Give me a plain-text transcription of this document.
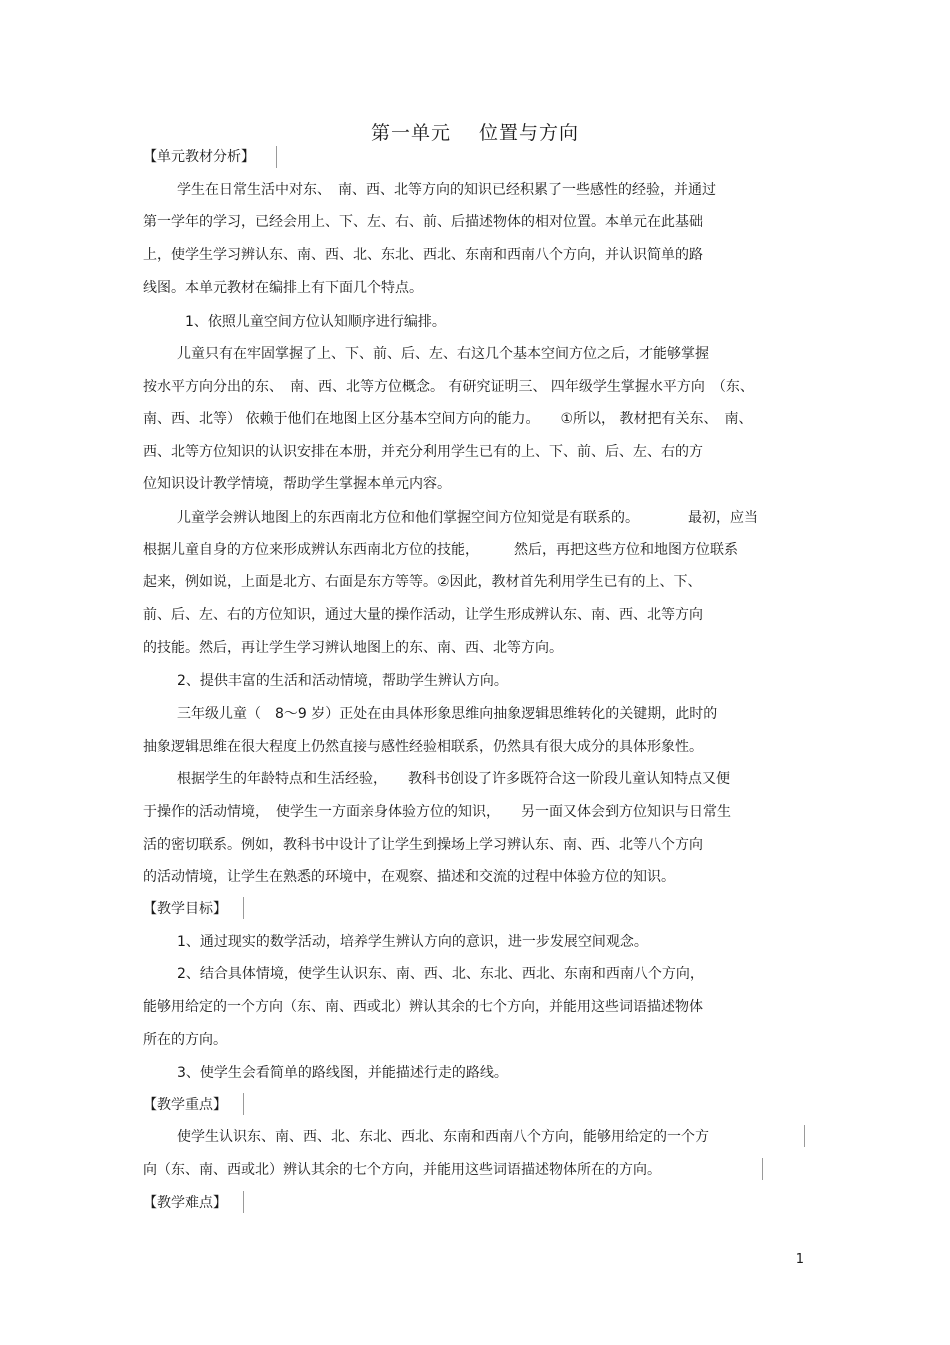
第一单元 位置与方向
【单元教材分析】
学生在日常生活中对东、　南、西、北等方向的知识已经积累了一些感性的经验，并通过
第一学年的学习，已经会用上、下、左、右、前、后描述物体的相对位置。本单元在此基础
上，使学生学习辨认东、南、西、北、东北、西北、东南和西南八个方向，并认识简单的路
线图。本单元教材在编排上有下面几个特点。
1、依照儿童空间方位认知顺序进行编排。
儿童只有在牢固掌握了上、下、前、后、左、右这几个基本空间方位之后，才能够掌握
按水平方向分出的东、　南、西、北等方位概念。 有研究证明三、 四年级学生掌握水平方向　（东、
南、西、北等） 依赖于他们在地图上区分基本空间方向的能力。　　①所以， 教材把有关东、　南、
西、北等方位知识的认识安排在本册，并充分利用学生已有的上、下、前、后、左、右的方
位知识设计教学情境，帮助学生掌握本单元内容。
儿童学会辨认地图上的东西南北方位和他们掌握空间方位知觉是有联系的。　　　　最初，应当
根据儿童自身的方位来形成辨认东西南北方位的技能，　　　然后，再把这些方位和地图方位联系
起来，例如说，上面是北方、右面是东方等等。②因此，教材首先利用学生已有的上、下、
前、后、左、右的方位知识，通过大量的操作活动，让学生形成辨认东、南、西、北等方向
的技能。然后，再让学生学习辨认地图上的东、南、西、北等方向。
2、提供丰富的生活和活动情境，帮助学生辨认方向。
三年级儿童（　8～9 岁）正处在由具体形象思维向抽象逻辑思维转化的关键期，此时的
抽象逻辑思维在很大程度上仍然直接与感性经验相联系，仍然具有很大成分的具体形象性。
根据学生的年龄特点和生活经验，　　教科书创设了许多既符合这一阶段儿童认知特点又便
于操作的活动情境，　使学生一方面亲身体验方位的知识，　　另一面又体会到方位知识与日常生
活的密切联系。例如，教科书中设计了让学生到操场上学习辨认东、南、西、北等八个方向
的活动情境，让学生在熟悉的环境中，在观察、描述和交流的过程中体验方位的知识。
【教学目标】
1、通过现实的数学活动，培养学生辨认方向的意识，进一步发展空间观念。
2、结合具体情境，使学生认识东、南、西、北、东北、西北、东南和西南八个方向，
能够用给定的一个方向（东、南、西或北）辨认其余的七个方向，并能用这些词语描述物体
所在的方向。
3、使学生会看简单的路线图，并能描述行走的路线。
【教学重点】
使学生认识东、南、西、北、东北、西北、东南和西南八个方向，能够用给定的一个方
向（东、南、西或北）辨认其余的七个方向，并能用这些词语描述物体所在的方向。
【教学难点】
1
